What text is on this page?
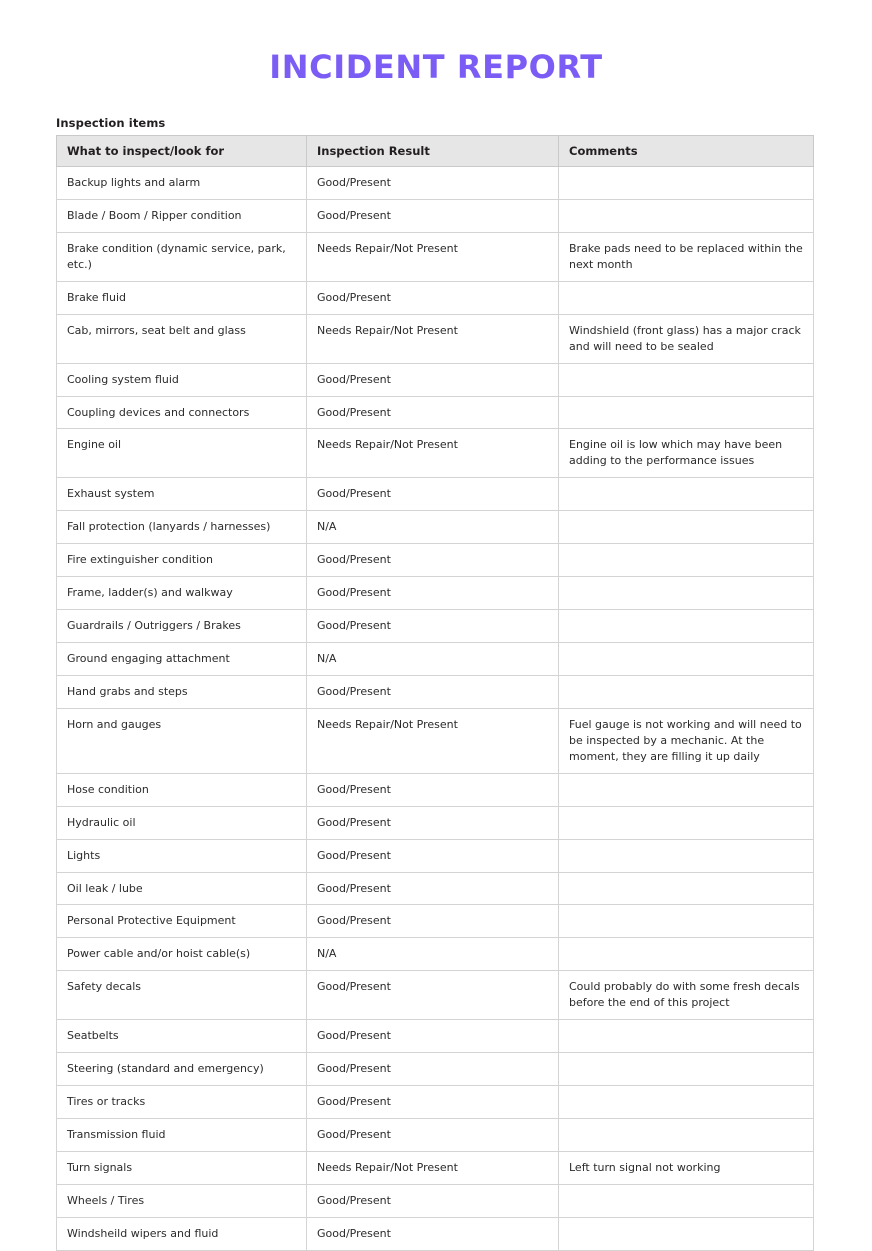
INCIDENT REPORT
Inspection items
What to inspect/look for	Inspection Result	Comments
Backup lights and alarm	Good/Present	
Blade / Boom / Ripper condition	Good/Present	
Brake condition (dynamic service, park, etc.)	Needs Repair/Not Present	Brake pads need to be replaced within the next month
Brake fluid	Good/Present	
Cab, mirrors, seat belt and glass	Needs Repair/Not Present	Windshield (front glass) has a major crack and will need to be sealed
Cooling system fluid	Good/Present	
Coupling devices and connectors	Good/Present	
Engine oil	Needs Repair/Not Present	Engine oil is low which may have been adding to the performance issues
Exhaust system	Good/Present	
Fall protection (lanyards / harnesses)	N/A	
Fire extinguisher condition	Good/Present	
Frame, ladder(s) and walkway	Good/Present	
Guardrails / Outriggers / Brakes	Good/Present	
Ground engaging attachment	N/A	
Hand grabs and steps	Good/Present	
Horn and gauges	Needs Repair/Not Present	Fuel gauge is not working and will need to be inspected by a mechanic. At the moment, they are filling it up daily
Hose condition	Good/Present	
Hydraulic oil	Good/Present	
Lights	Good/Present	
Oil leak / lube	Good/Present	
Personal Protective Equipment	Good/Present	
Power cable and/or hoist cable(s)	N/A	
Safety decals	Good/Present	Could probably do with some fresh decals before the end of this project
Seatbelts	Good/Present	
Steering (standard and emergency)	Good/Present	
Tires or tracks	Good/Present	
Transmission fluid	Good/Present	
Turn signals	Needs Repair/Not Present	Left turn signal not working
Wheels / Tires	Good/Present	
Windsheild wipers and fluid	Good/Present	
